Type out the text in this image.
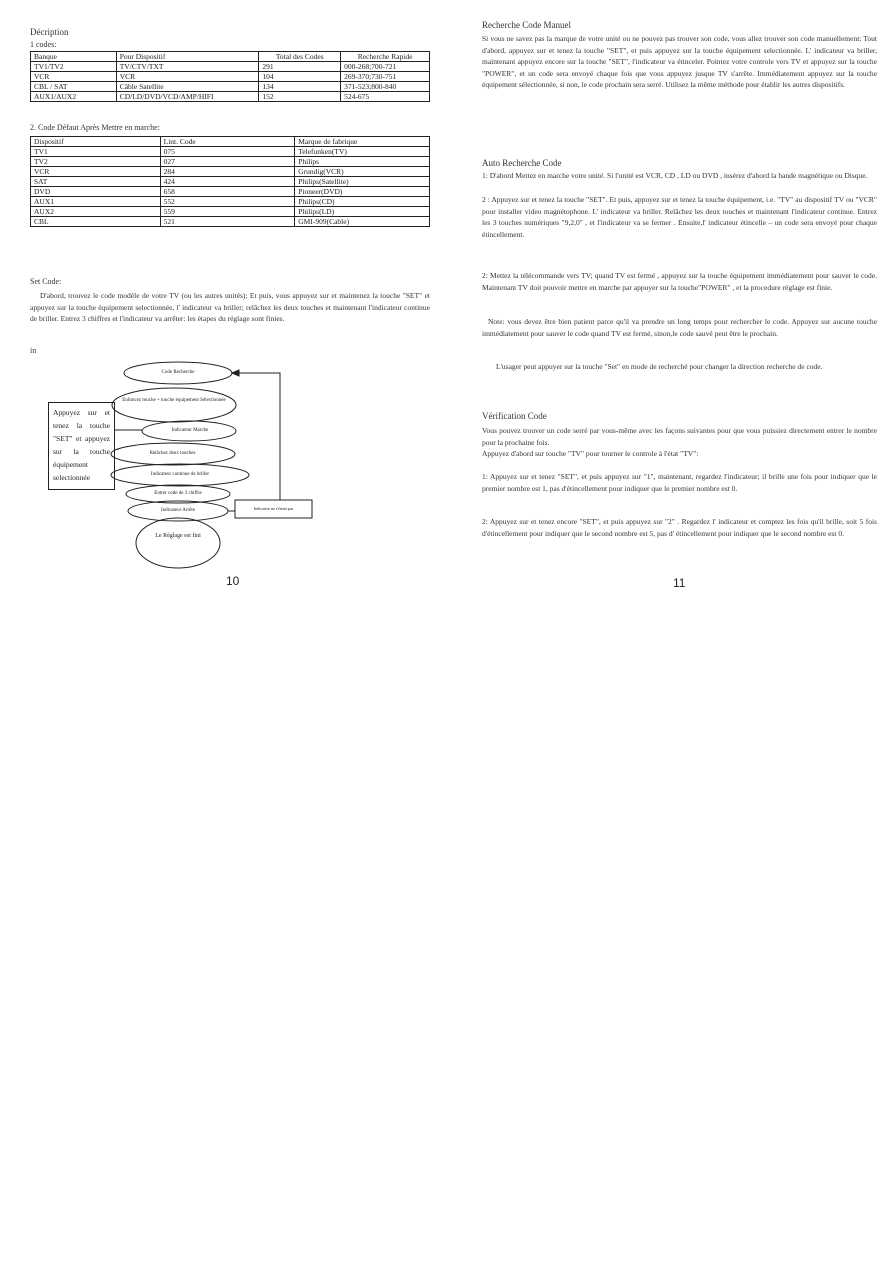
Décription
1 codes:
Banque	Pour Dispositif	Total des Codes	Recherche Rapide
TV1/TV2	TV/CTV/TXT	291	000-268;700-721
VCR	VCR	104	269-370;730-751
CBL / SAT	Câble Satellite	134	371-523;800-840
AUX1/AUX2	CD/LD/DVD/VCD/AMP/HIFI	152	524-675
2. Code Défaut Après Mettre en marche:
Dispositif	Lint. Code	Marque de fabrique
TV1	075	Telefunken(TV)
TV2	027	Philips
VCR	284	Grundig(VCR)
SAT	424	Philips(Satellite)
DVD	658	Pioneer(DVD)
AUX1	552	Philips(CD)
AUX2	559	Philips(LD)
CBL	521	GMI-909(Cable)
Set Code:
D'abord, trouvez le code modèle de votre TV (ou les autres unités); Et puis, vous appuyez sur et maintenez la touche "SET" et appuyez sur la touche équipement selectionnée, l' indicateur va briller; relâchez les deux touches et maintenant l'indicateur continue de briller. Entrez 3 chiffres et l'indicateur va arrêter: les étapes du réglage sont finies.
in
Appuyez sur et tenez la touche "SET" et appuyez sur la touche équipement selectionnée
Code Recherche
Enfoncez touche + touche équipement Sélectionnée
Indicateur Marche
Relâchez deux touches
Indicateur continue de briller
Entrer code de 3 chiffre
Indicateur Arrête
Le Réglage est fini
Indicateur ne s'éteint pas
10
Recherche Code Manuel
Si vous ne savez pas la marque de votre unité ou ne pouvez pas trouver son code, vous allez trouver son code manuellement: Tout d'abord, appuyez sur et tenez la touche "SET", et puis appuyez sur la touche équipement selectionnée. L' indicateur va briller, maintenant appuyez encore sur la touche "SET", l'indicateur va étinceler. Pointez votre controle vers TV et appuyez sur la touche "POWER", et un code sera envoyé chaque fois que vous appuyez jusque TV s'arrête. Immédiatement appuyez sur la touche équipement sélectionnée, si non, le code prochain sera serré. Utilisez la même méthode pour établir les autres dispositifs.
Auto Recherche Code
1: D'abord Mettez en marche votre unité. Si l'unité est VCR, CD , LD ou DVD , insérez d'abord la bande magnétique ou Disque.
2 : Appuyez sur et tenez la touche "SET". Et puis, appuyez sur et tenez la touche équipement, i.e. "TV" au dispositif TV ou "VCR" pour installer video magnétophone. L' indicateur va briller. Relâchez les deux touches et maintenant l'indicateur continue. Entrez les 3 touches numériques "9,2,0" , et l'indicateur va se fermer . Ensuite,l' indicateur étincelle – un code sera envoyé pour chaque étincellement.
2: Mettez la télécommande vers TV; quand TV est fermé , appuyez sur la touche équipement immédiatement pour sauver le code. Maintenant TV doit pouvoir mettre en marche par appuyer sur la touche"POWER" , et la procedure réglage est finie.
Note: vous devez être bien patient parce qu'il va prendre un long temps pour rechercher le code. Appuyez sur aucune touche immédiatement pour sauver le code quand TV est fermé, sinon,le code sauvé peut être le prochain.
L'usager peut appuyer sur la touche "Set" en mode de recherché pour changer la direction recherche de code.
Vérification Code
Vous pouvez trouver un code serré par vous-même avec les façons suivantes pour que vous puissiez directement entrer le nombre pour la prochaine fois.
Appuyez d'abord sur touche "TV" pour tourner le controle à l'état "TV":
1: Appuyez sur et tenez "SET", et puis appuyez sur "1", maintenant, regardez l'indicateur; il brille une fois pour indiquer que le premier nombre est 1, pas d'étincellement pour indiquer que le premier nombre est 0.
2: Appuyez sur et tenez encore "SET", et puis appuyez sur "2" . Regardez l' indicateur et comptez les fois qu'il brille, soit 5 fois d'étincellement pour indiquer que le second nombre est 5, pas d' étincellement pour indiquer que le second nombre est 0.
11
